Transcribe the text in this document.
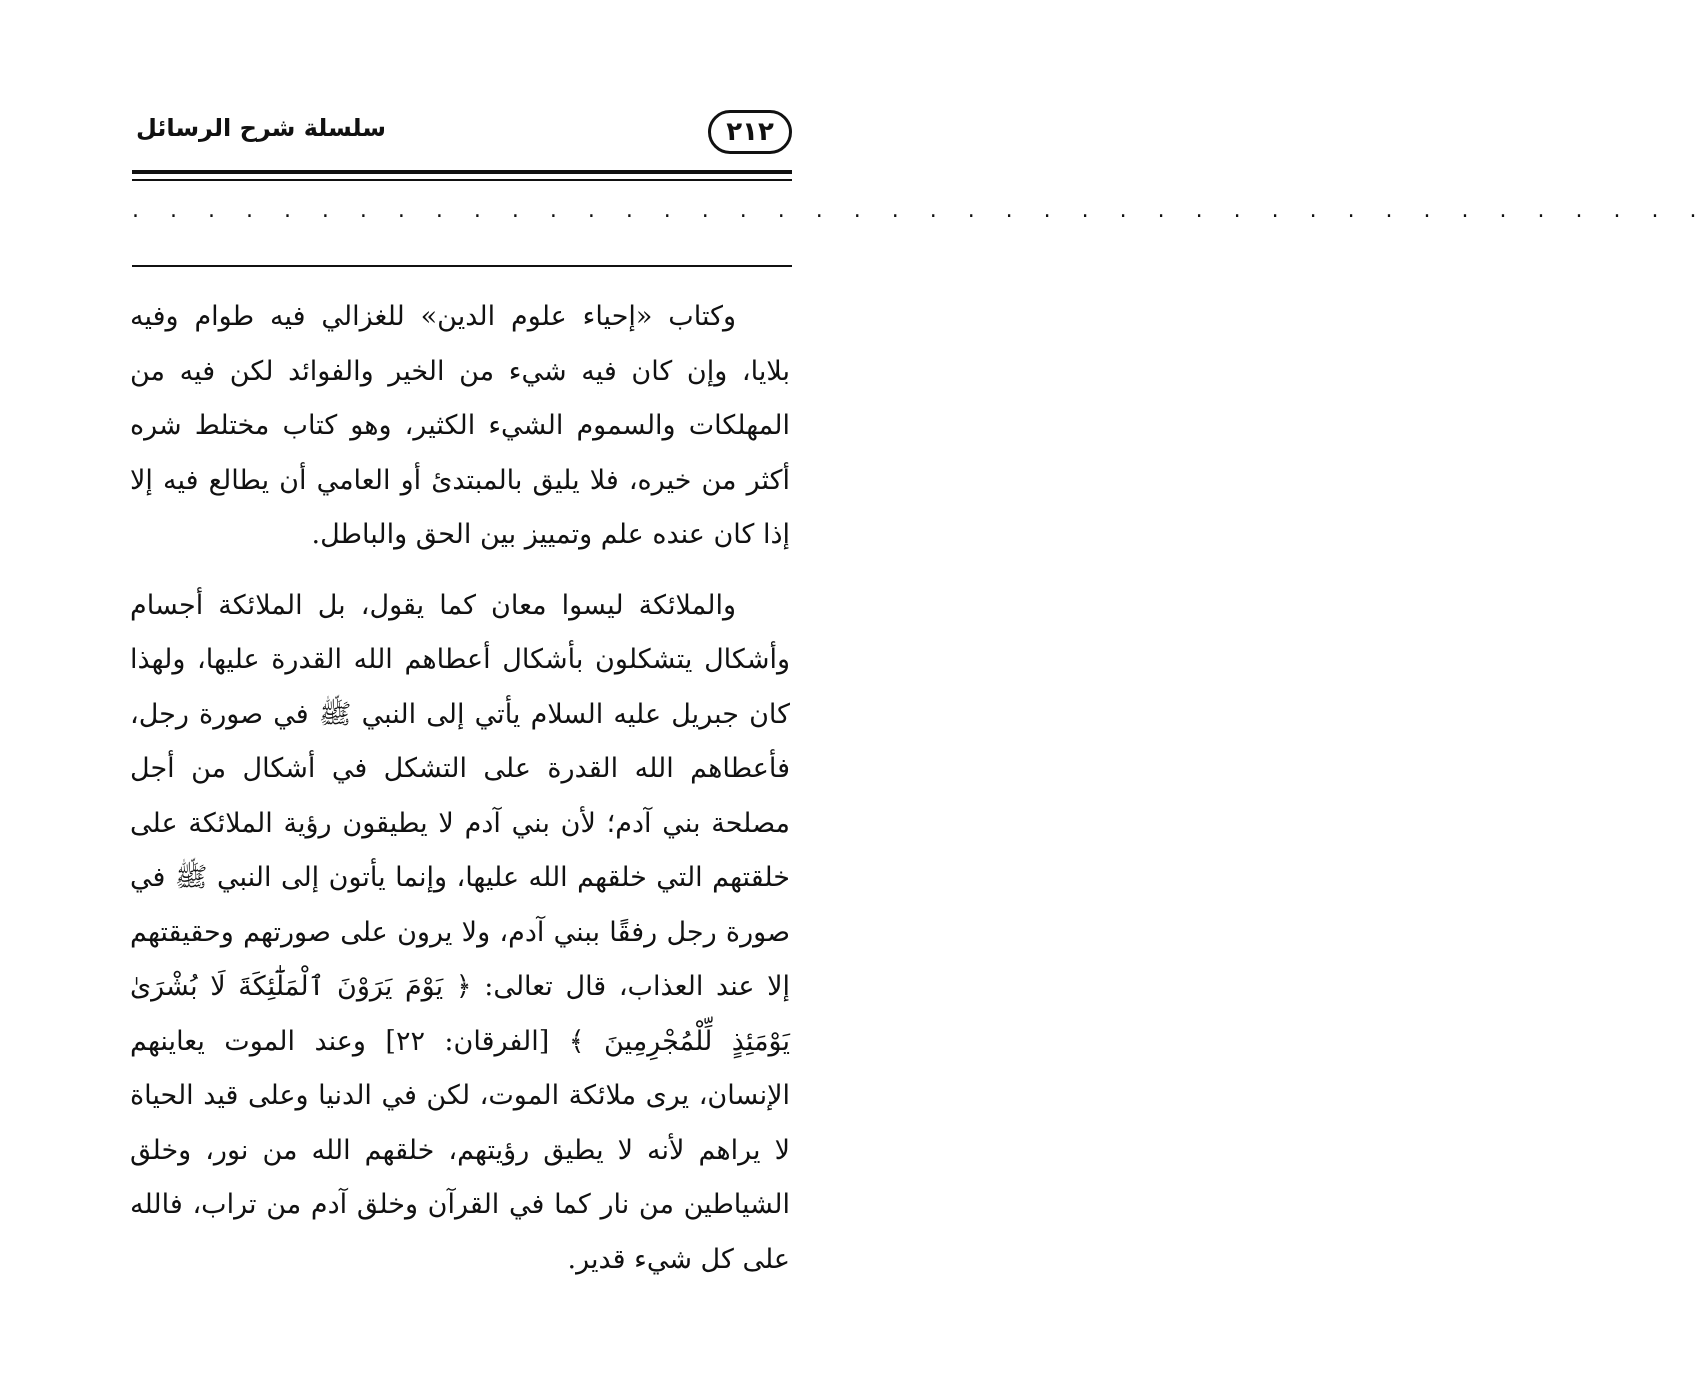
٢١٢
سلسلة شرح الرسائل
. . . . . . . . . . . . . . . . . . . . . . . . . . . . . . . . . . . . . . . . . .

وكتاب «إحياء علوم الدين» للغزالي فيه طوام وفيه بلايا، وإن كان فيه شيء من الخير والفوائد لكن فيه من المهلكات والسموم الشيء الكثير، وهو كتاب مختلط شره أكثر من خيره، فلا يليق بالمبتدئ أو العامي أن يطالع فيه إلا إذا كان عنده علم وتمييز بين الحق والباطل.

والملائكة ليسوا معان كما يقول، بل الملائكة أجسام وأشكال يتشكلون بأشكال أعطاهم الله القدرة عليها، ولهذا كان جبريل عليه السلام يأتي إلى النبي ﷺ في صورة رجل، فأعطاهم الله القدرة على التشكل في أشكال من أجل مصلحة بني آدم؛ لأن بني آدم لا يطيقون رؤية الملائكة على خلقتهم التي خلقهم الله عليها، وإنما يأتون إلى النبي ﷺ في صورة رجل رفقًا ببني آدم، ولا يرون على صورتهم وحقيقتهم إلا عند العذاب، قال تعالى: ﴿ يَوْمَ يَرَوْنَ ٱلْمَلَٰٓئِكَةَ لَا بُشْرَىٰ يَوْمَئِذٍ لِّلْمُجْرِمِينَ ﴾ [الفرقان: ٢٢] وعند الموت يعاينهم الإنسان، يرى ملائكة الموت، لكن في الدنيا وعلى قيد الحياة لا يراهم لأنه لا يطيق رؤيتهم، خلقهم الله من نور، وخلق الشياطين من نار كما في القرآن وخلق آدم من تراب، فالله على كل شيء قدير.
